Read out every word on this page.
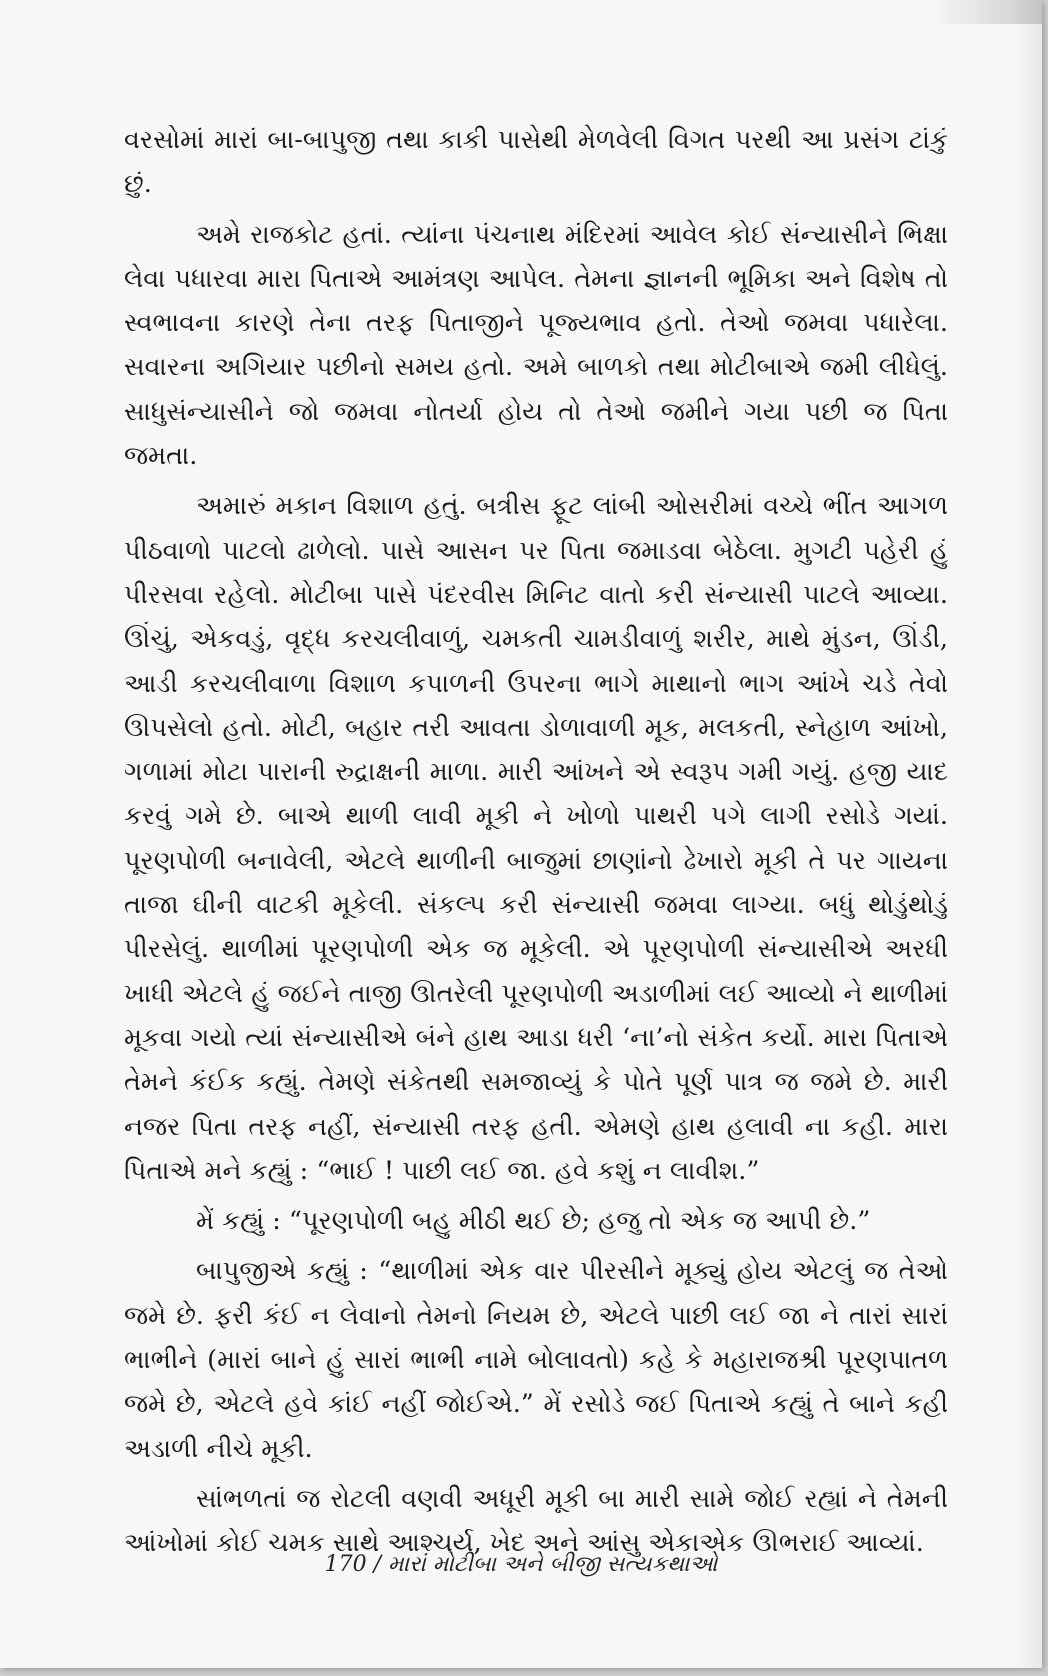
વરસોમાં મારાં બા-બાપુજી તથા કાકી પાસેથી મેળવેલી વિગત પરથી આ પ્રસંગ ટાંકું છું.

અમે રાજકોટ હતાં. ત્યાંના પંચનાથ મંદિરમાં આવેલ કોઈ સંન્યાસીને ભિક્ષા લેવા પધારવા મારા પિતાએ આમંત્રણ આપેલ. તેમના જ્ઞાનની ભૂમિકા અને વિશેષ તો સ્વભાવના કારણે તેના તરફ પિતાજીને પૂજ્યભાવ હતો. તેઓ જમવા પધારેલા. સવારના અગિયાર પછીનો સમય હતો. અમે બાળકો તથા મોટીબાએ જમી લીધેલું. સાધુસંન્યાસીને જો જમવા નોતર્યા હોય તો તેઓ જમીને ગયા પછી જ પિતા જમતા.

અમારું મકાન વિશાળ હતું. બત્રીસ ફૂટ લાંબી ઓસરીમાં વચ્ચે ભીંત આગળ પીઠવાળો પાટલો ઢાળેલો. પાસે આસન પર પિતા જમાડવા બેઠેલા. મુગટી પહેરી હું પીરસવા રહેલો. મોટીબા પાસે પંદરવીસ મિનિટ વાતો કરી સંન્યાસી પાટલે આવ્યા. ઊંચું, એકવડું, વૃદ્ધ કરચલીવાળું, ચમકતી ચામડીવાળું શરીર, માથે મુંડન, ઊંડી, આડી કરચલીવાળા વિશાળ કપાળની ઉપરના ભાગે માથાનો ભાગ આંખે ચડે તેવો ઊપસેલો હતો. મોટી, બહાર તરી આવતા ડોળાવાળી મૂક, મલકતી, સ્નેહાળ આંખો, ગળામાં મોટા પારાની રુદ્રાક્ષની માળા. મારી આંખને એ સ્વરૂપ ગમી ગયું. હજી યાદ કરવું ગમે છે. બાએ થાળી લાવી મૂકી ને ખોળો પાથરી પગે લાગી રસોડે ગયાં. પૂરણપોળી બનાવેલી, એટલે થાળીની બાજુમાં છાણાંનો ઢેખારો મૂકી તે પર ગાયના તાજા ઘીની વાટકી મૂકેલી. સંકલ્પ કરી સંન્યાસી જમવા લાગ્યા. બધું થોડુંથોડું પીરસેલું. થાળીમાં પૂરણપોળી એક જ મૂકેલી. એ પૂરણપોળી સંન્યાસીએ અરધી ખાધી એટલે હું જઈને તાજી ઊતરેલી પૂરણપોળી અડાળીમાં લઈ આવ્યો ને થાળીમાં મૂકવા ગયો ત્યાં સંન્યાસીએ બંને હાથ આડા ધરી ‘ના’નો સંકેત કર્યો. મારા પિતાએ તેમને કંઈક કહ્યું. તેમણે સંકેતથી સમજાવ્યું કે પોતે પૂર્ણ પાત્ર જ જમે છે. મારી નજર પિતા તરફ નહીં, સંન્યાસી તરફ હતી. એમણે હાથ હલાવી ના કહી. મારા પિતાએ મને કહ્યું : “ભાઈ ! પાછી લઈ જા. હવે કશું ન લાવીશ.”

મેં કહ્યું : “પૂરણપોળી બહુ મીઠી થઈ છે; હજુ તો એક જ આપી છે.”

બાપુજીએ કહ્યું : “થાળીમાં એક વાર પીરસીને મૂક્યું હોય એટલું જ તેઓ જમે છે. ફરી કંઈ ન લેવાનો તેમનો નિયમ છે, એટલે પાછી લઈ જા ને તારાં સારાં ભાભીને (મારાં બાને હું સારાં ભાભી નામે બોલાવતો) કહે કે મહારાજશ્રી પૂરણપાતળ જમે છે, એટલે હવે કાંઈ નહીં જોઈએ.” મેં રસોડે જઈ પિતાએ કહ્યું તે બાને કહી અડાળી નીચે મૂકી.

સાંભળતાં જ રોટલી વણવી અધૂરી મૂકી બા મારી સામે જોઈ રહ્યાં ને તેમની આંખોમાં કોઈ ચમક સાથે આશ્ચર્ય, ખેદ અને આંસુ એકાએક ઊભરાઈ આવ્યાં.

170 / મારાં મોટીબા અને બીજી સત્યકથાઓ
